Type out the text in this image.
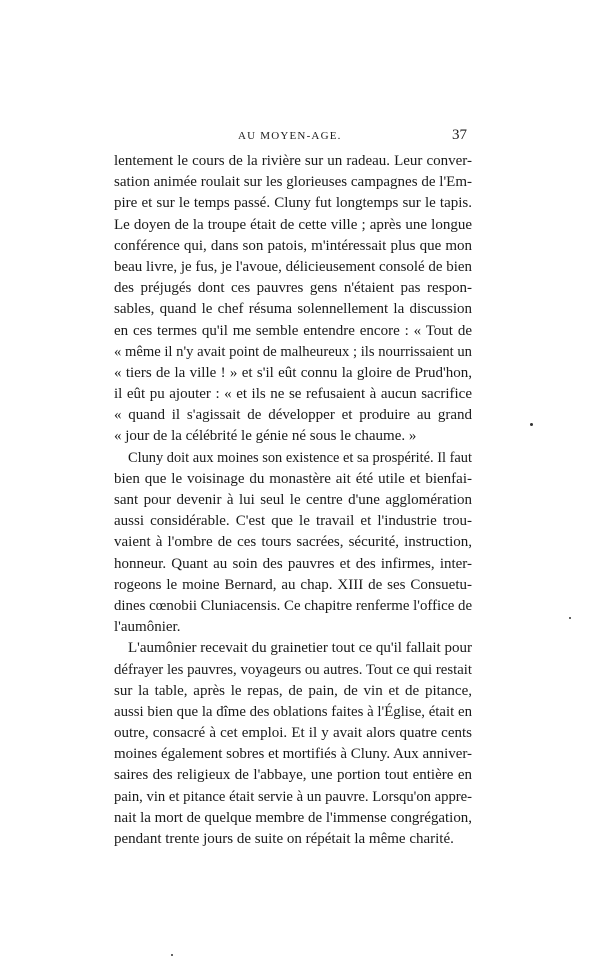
AU MOYEN-AGE.	37
lentement le cours de la rivière sur un radeau. Leur conver-
sation animée roulait sur les glorieuses campagnes de l'Em-
pire et sur le temps passé. Cluny fut longtemps sur le tapis.
Le doyen de la troupe était de cette ville ; après une longue
conférence qui, dans son patois, m'intéressait plus que mon
beau livre, je fus, je l'avoue, délicieusement consolé de bien
des préjugés dont ces pauvres gens n'étaient pas respon-
sables, quand le chef résuma solennellement la discussion
en ces termes qu'il me semble entendre encore : « Tout de
« même il n'y avait point de malheureux ; ils nourrissaient un
« tiers de la ville ! » et s'il eût connu la gloire de Prud'hon,
il eût pu ajouter : « et ils ne se refusaient à aucun sacrifice
« quand il s'agissait de développer et produire au grand
« jour de la célébrité le génie né sous le chaume. »
Cluny doit aux moines son existence et sa prospérité. Il faut
bien que le voisinage du monastère ait été utile et bienfai-
sant pour devenir à lui seul le centre d'une agglomération
aussi considérable. C'est que le travail et l'industrie trou-
vaient à l'ombre de ces tours sacrées, sécurité, instruction,
honneur. Quant au soin des pauvres et des infirmes, inter-
rogeons le moine Bernard, au chap. XIII de ses Consuetu-
dines cœnobii Cluniacensis. Ce chapitre renferme l'office de
l'aumônier.
L'aumônier recevait du grainetier tout ce qu'il fallait pour
défrayer les pauvres, voyageurs ou autres. Tout ce qui restait
sur la table, après le repas, de pain, de vin et de pitance,
aussi bien que la dîme des oblations faites à l'Église, était en
outre, consacré à cet emploi. Et il y avait alors quatre cents
moines également sobres et mortifiés à Cluny. Aux anniver-
saires des religieux de l'abbaye, une portion tout entière en
pain, vin et pitance était servie à un pauvre. Lorsqu'on appre-
nait la mort de quelque membre de l'immense congrégation,
pendant trente jours de suite on répétait la même charité.
